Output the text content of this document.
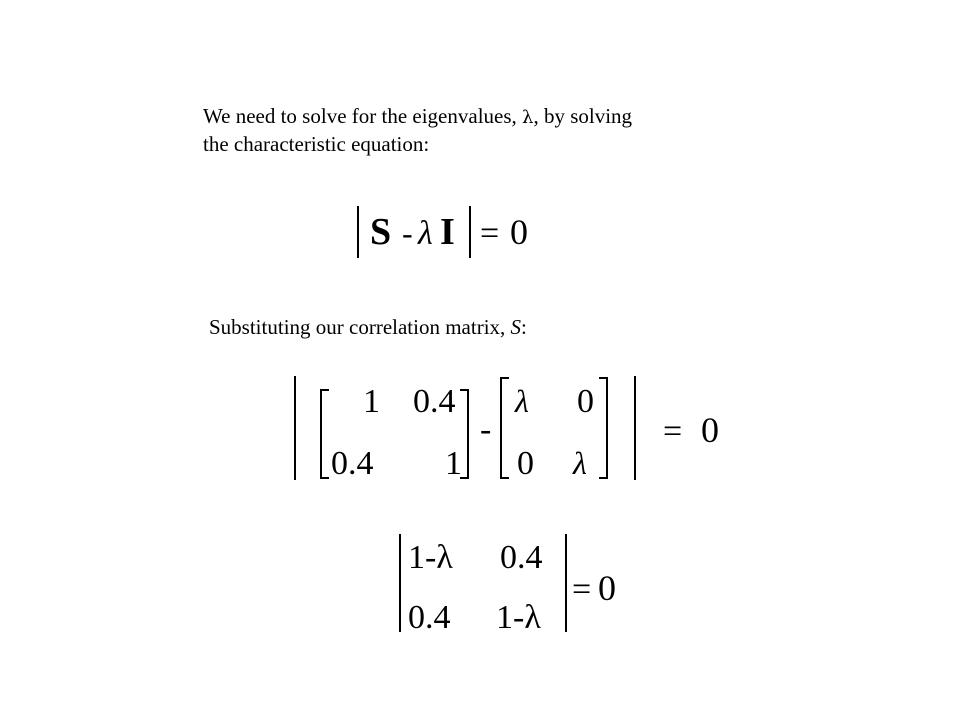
We need to solve for the eigenvalues, λ, by solving
the characteristic equation:
S - λ I = 0
Substituting our correlation matrix, S:
1 0.4
0.4 1
-
λ 0
0 λ
= 0
1-λ 0.4
0.4 1-λ
= 0
